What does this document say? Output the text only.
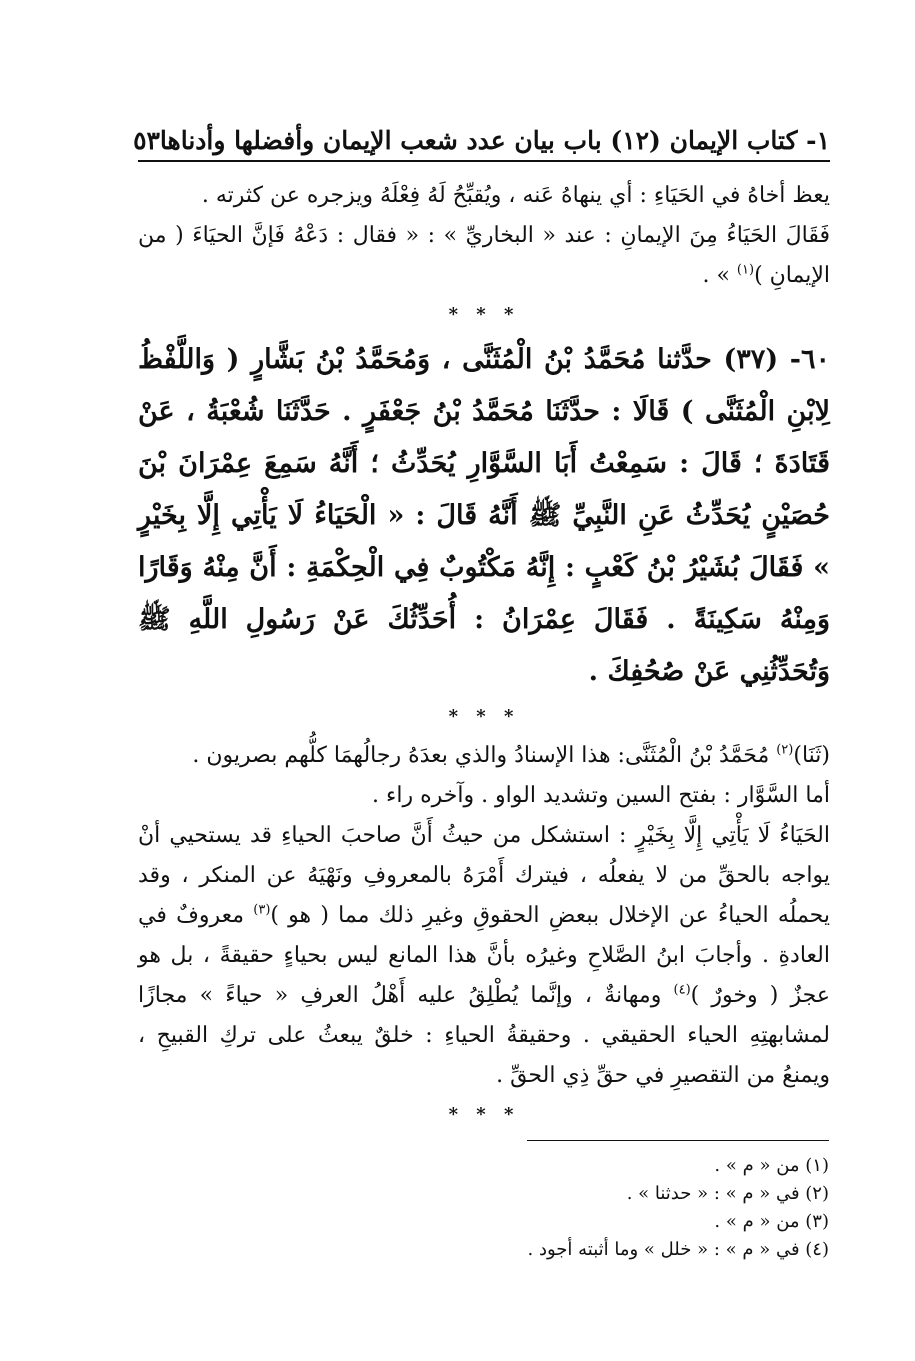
١- كتاب الإيمان (١٢) باب بيان عدد شعب الإيمان وأفضلها وأدناها
٥٣

يعظ أخاهُ في الحَيَاءِ : أي ينهاهُ عَنه ، ويُقبِّحُ لَهُ فِعْلَهُ ويزجره عن كثرته .

فَقَالَ الحَيَاءُ مِنَ الإيمانِ : عند « البخاريِّ » : « فقال : دَعْهُ فَإنَّ الحيَاءَ ( من الإيمانِ )$^{(١)}$ » .

* * *

٦٠- (٣٧) حدَّثنا مُحَمَّدُ بْنُ الْمُثَنَّى ، وَمُحَمَّدُ بْنُ بَشَّارٍ ( وَاللَّفْظُ لِابْنِ الْمُثَنَّى ) قَالَا : حدَّثَنَا مُحَمَّدُ بْنُ جَعْفَرٍ . حَدَّثَنَا شُعْبَةُ ، عَنْ قَتَادَةَ ؛ قَالَ : سَمِعْتُ أَبَا السَّوَّارِ يُحَدِّثُ ؛ أَنَّهُ سَمِعَ عِمْرَانَ بْنَ حُصَيْنٍ يُحَدِّثُ عَنِ النَّبِيِّ ﷺ أَنَّهُ قَالَ : « الْحَيَاءُ لَا يَأْتِي إِلَّا بِخَيْرٍ » فَقَالَ بُشَيْرُ بْنُ كَعْبٍ : إِنَّهُ مَكْتُوبٌ فِي الْحِكْمَةِ : أَنَّ مِنْهُ وَقَارًا وَمِنْهُ سَكِينَةً . فَقَالَ عِمْرَانُ : أُحَدِّثُكَ عَنْ رَسُولِ اللَّهِ ﷺ وَتُحَدِّثُنِي عَنْ صُحُفِكَ .

* * *

(ثَنَا)$^{(٢)}$ مُحَمَّدُ بْنُ الْمُثَنَّى: هذا الإسنادُ والذي بعدَهُ رجالُهمَا كلُّهم بصريون .

أما السَّوَّار : بفتح السين وتشديد الواو . وآخره راء .

الحَيَاءُ لَا يَأْتِي إِلَّا بِخَيْرٍ : استشكل من حيثُ أَنَّ صاحبَ الحياءِ قد يستحيي أنْ يواجه بالحقِّ من لا يفعلُه ، فيترك أَمْرَهُ بالمعروفِ ونَهْيَهُ عن المنكر ، وقد يحملُه الحياءُ عن الإخلال ببعضِ الحقوقِ وغيرِ ذلك مما ( هو )$^{(٣)}$ معروفٌ في العادةِ . وأجابَ ابنُ الصَّلاحِ وغيرُه بأنَّ هذا المانع ليس بحياءٍ حقيقةً ، بل هو عجزٌ ( وخورٌ )$^{(٤)}$ ومهانةٌ ، وإنَّما يُطْلِقُ عليه أَهْلُ العرفِ « حياءً » مجازًا لمشابهتِهِ الحياء الحقيقي . وحقيقةُ الحياءِ : خلقٌ يبعثُ على تركِ القبيحِ ، ويمنعُ من التقصيرِ في حقِّ ذِي الحقِّ .

* * *

(١) من « م » .

(٢) في « م » : « حدثنا » .

(٣) من « م » .

(٤) في « م » : « خلل » وما أثبته أجود .
